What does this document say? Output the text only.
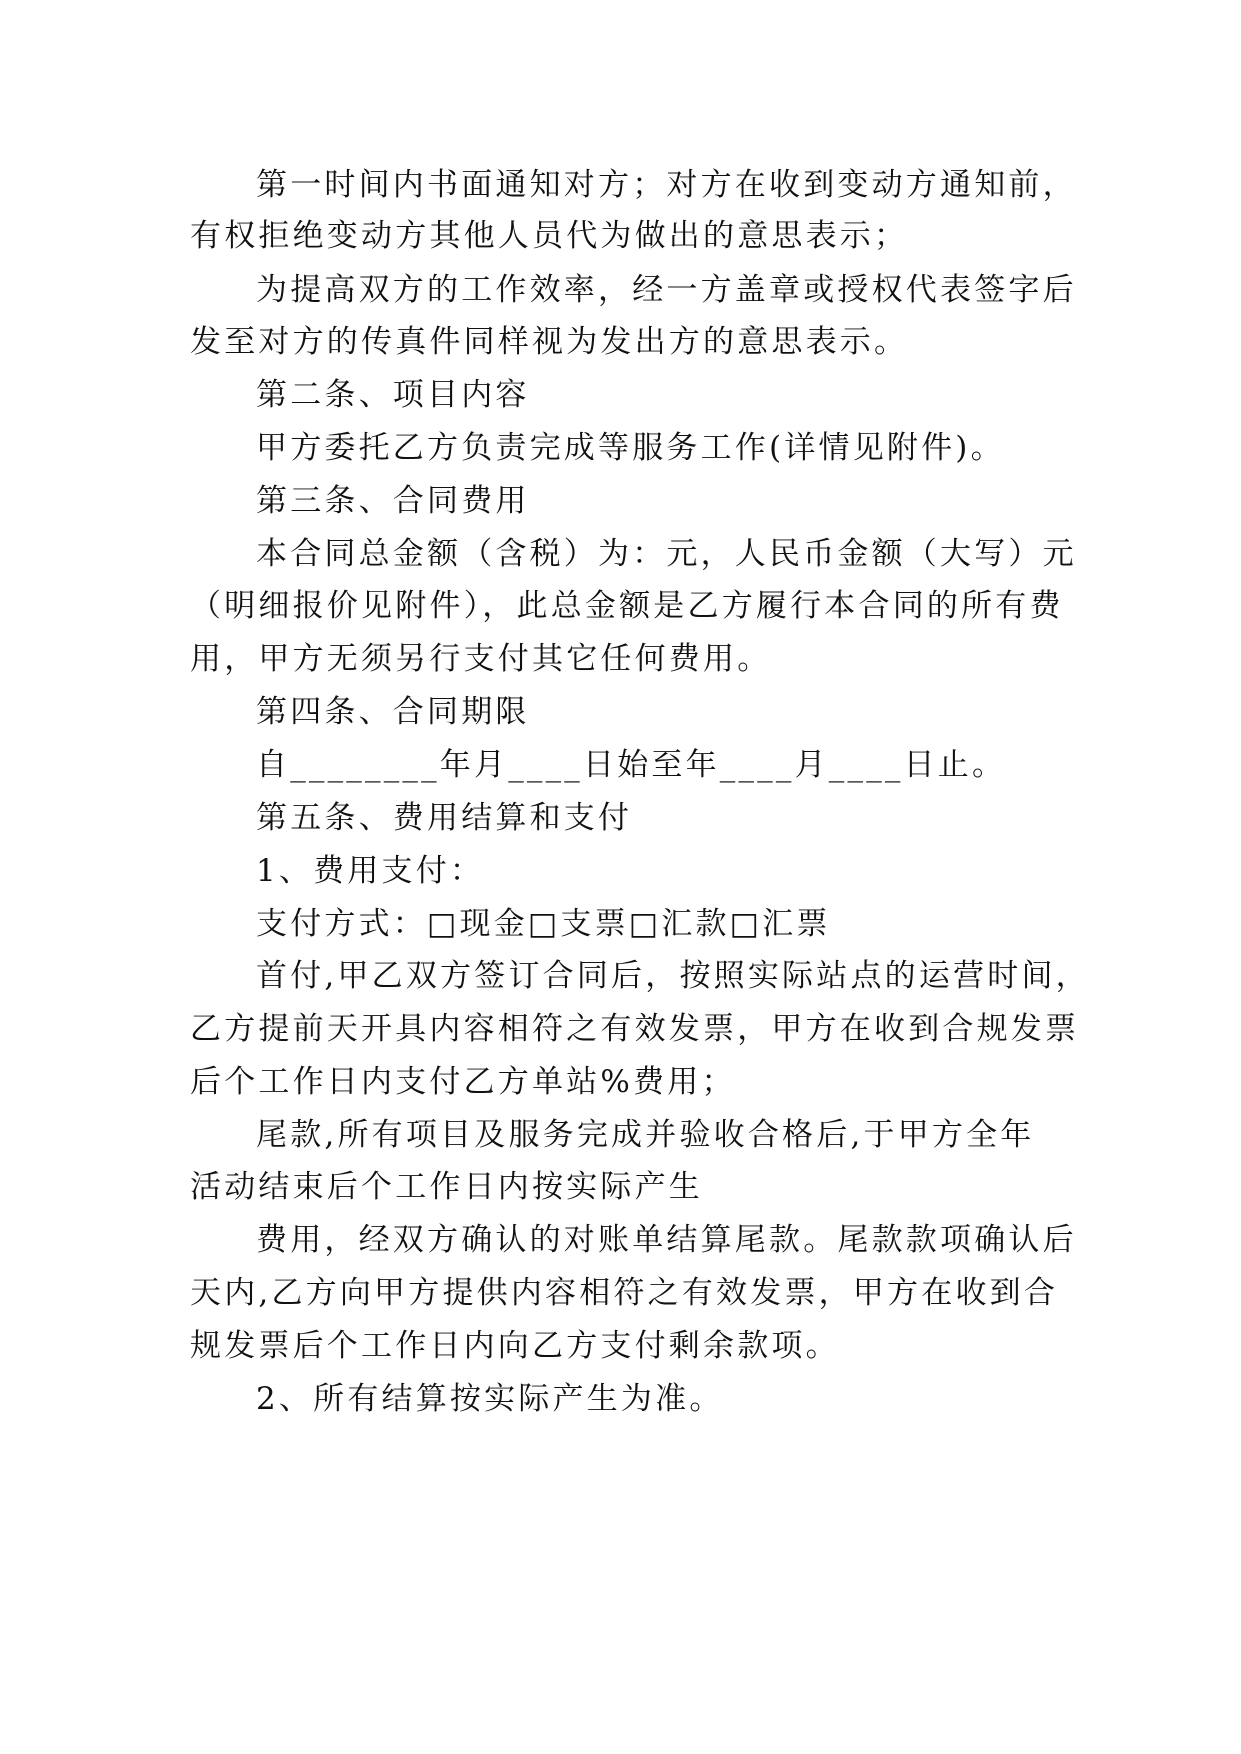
第一时间内书面通知对方；对方在收到变动方通知前，
有权拒绝变动方其他人员代为做出的意思表示；
为提高双方的工作效率，经一方盖章或授权代表签字后
发至对方的传真件同样视为发出方的意思表示。
第二条、项目内容
甲方委托乙方负责完成等服务工作(详情见附件)。
第三条、合同费用
本合同总金额（含税）为：元，人民币金额（大写）元
（明细报价见附件），此总金额是乙方履行本合同的所有费
用，甲方无须另行支付其它任何费用。
第四条、合同期限
自________年月____日始至年____月____日止。
第五条、费用结算和支付
1、费用支付：
支付方式：□现金□支票□汇款□汇票
首付,甲乙双方签订合同后，按照实际站点的运营时间，
乙方提前天开具内容相符之有效发票，甲方在收到合规发票
后个工作日内支付乙方单站%费用；
尾款,所有项目及服务完成并验收合格后,于甲方全年
活动结束后个工作日内按实际产生
费用，经双方确认的对账单结算尾款。尾款款项确认后
天内,乙方向甲方提供内容相符之有效发票，甲方在收到合
规发票后个工作日内向乙方支付剩余款项。
2、所有结算按实际产生为准。
